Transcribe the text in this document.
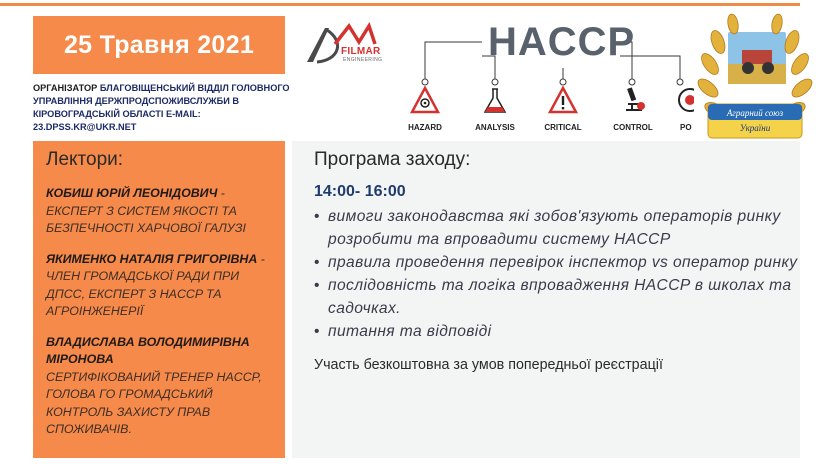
25 Травня 2021
ОРГАНІЗАТОР БЛАГОВІЩЕНСЬКИЙ ВІДДІЛ ГОЛОВНОГО УПРАВЛІННЯ ДЕРЖПРОДСПОЖИВСЛУЖБИ В КІРОВОГРАДСЬКІЙ ОБЛАСТІ E-MAIL: 23.DPSS.KR@UKR.NET
FILMAR
ENGINEERING	HACCP
HAZARD	ANALYSIS	CRITICAL	CONTROL	PO
Аграрний союз
України
Лектори:
КОБИШ ЮРІЙ ЛЕОНІДОВИЧ - ЕКСПЕРТ З СИСТЕМ ЯКОСТІ ТА БЕЗПЕЧНОСТІ ХАРЧОВОЇ ГАЛУЗІ
ЯКИМЕНКО НАТАЛІЯ ГРИГОРІВНА - ЧЛЕН ГРОМАДСЬКОЇ РАДИ ПРИ ДПСС, ЕКСПЕРТ З HACCP ТА АГРОІНЖЕНЕРІЇ
ВЛАДИСЛАВА ВОЛОДИМИРІВНА МІРОНОВА
СЕРТИФІКОВАНИЙ ТРЕНЕР HACCP, ГОЛОВА ГО ГРОМАДСЬКИЙ КОНТРОЛЬ ЗАХИСТУ ПРАВ СПОЖИВАЧІВ.
Програма заходу:
14:00- 16:00
• вимоги законодавства які зобов'язують операторів ринку розробити та впровадити систему HACCP
• правила проведення перевірок інспектор vs оператор ринку
• послідовність та логіка впровадження HACCP в школах та садочках.
• питання та відповіді
Участь безкоштовна за умов попередньої реєстрації
